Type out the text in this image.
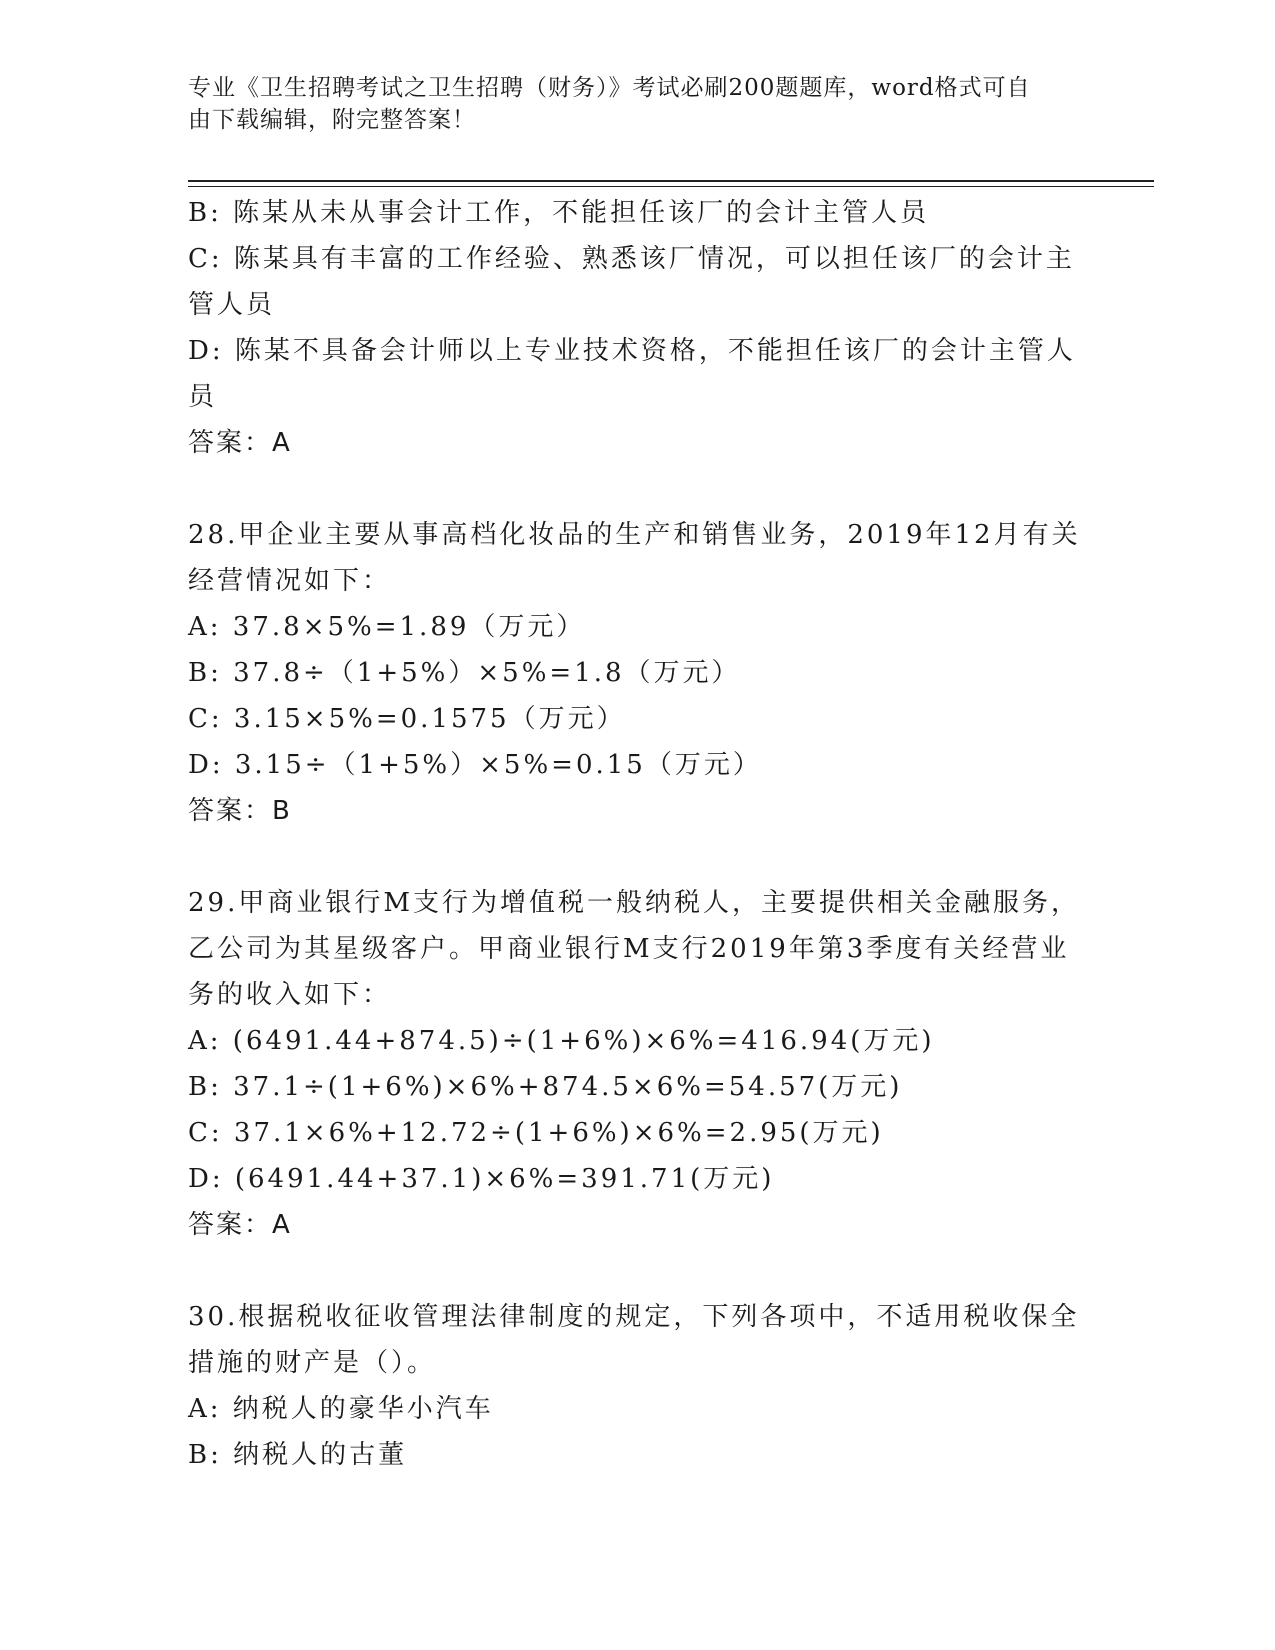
专业《卫生招聘考试之卫生招聘（财务）》考试必刷200题题库，word格式可自
由下载编辑，附完整答案！
B: 陈某从未从事会计工作，不能担任该厂的会计主管人员
C: 陈某具有丰富的工作经验、熟悉该厂情况，可以担任该厂的会计主
管人员
D: 陈某不具备会计师以上专业技术资格，不能担任该厂的会计主管人
员
答案：A
28.甲企业主要从事高档化妆品的生产和销售业务，2019年12月有关
经营情况如下：
A: 37.8×5%=1.89（万元）
B: 37.8÷（1+5%）×5%=1.8（万元）
C: 3.15×5%=0.1575（万元）
D: 3.15÷（1+5%）×5%=0.15（万元）
答案：B
29.甲商业银行M支行为增值税一般纳税人，主要提供相关金融服务，
乙公司为其星级客户。甲商业银行M支行2019年第3季度有关经营业
务的收入如下：
A: (6491.44+874.5)÷(1+6%)×6%=416.94(万元)
B: 37.1÷(1+6%)×6%+874.5×6%=54.57(万元)
C: 37.1×6%+12.72÷(1+6%)×6%=2.95(万元)
D: (6491.44+37.1)×6%=391.71(万元)
答案：A
30.根据税收征收管理法律制度的规定，下列各项中，不适用税收保全
措施的财产是（）。
A: 纳税人的豪华小汽车
B: 纳税人的古董
